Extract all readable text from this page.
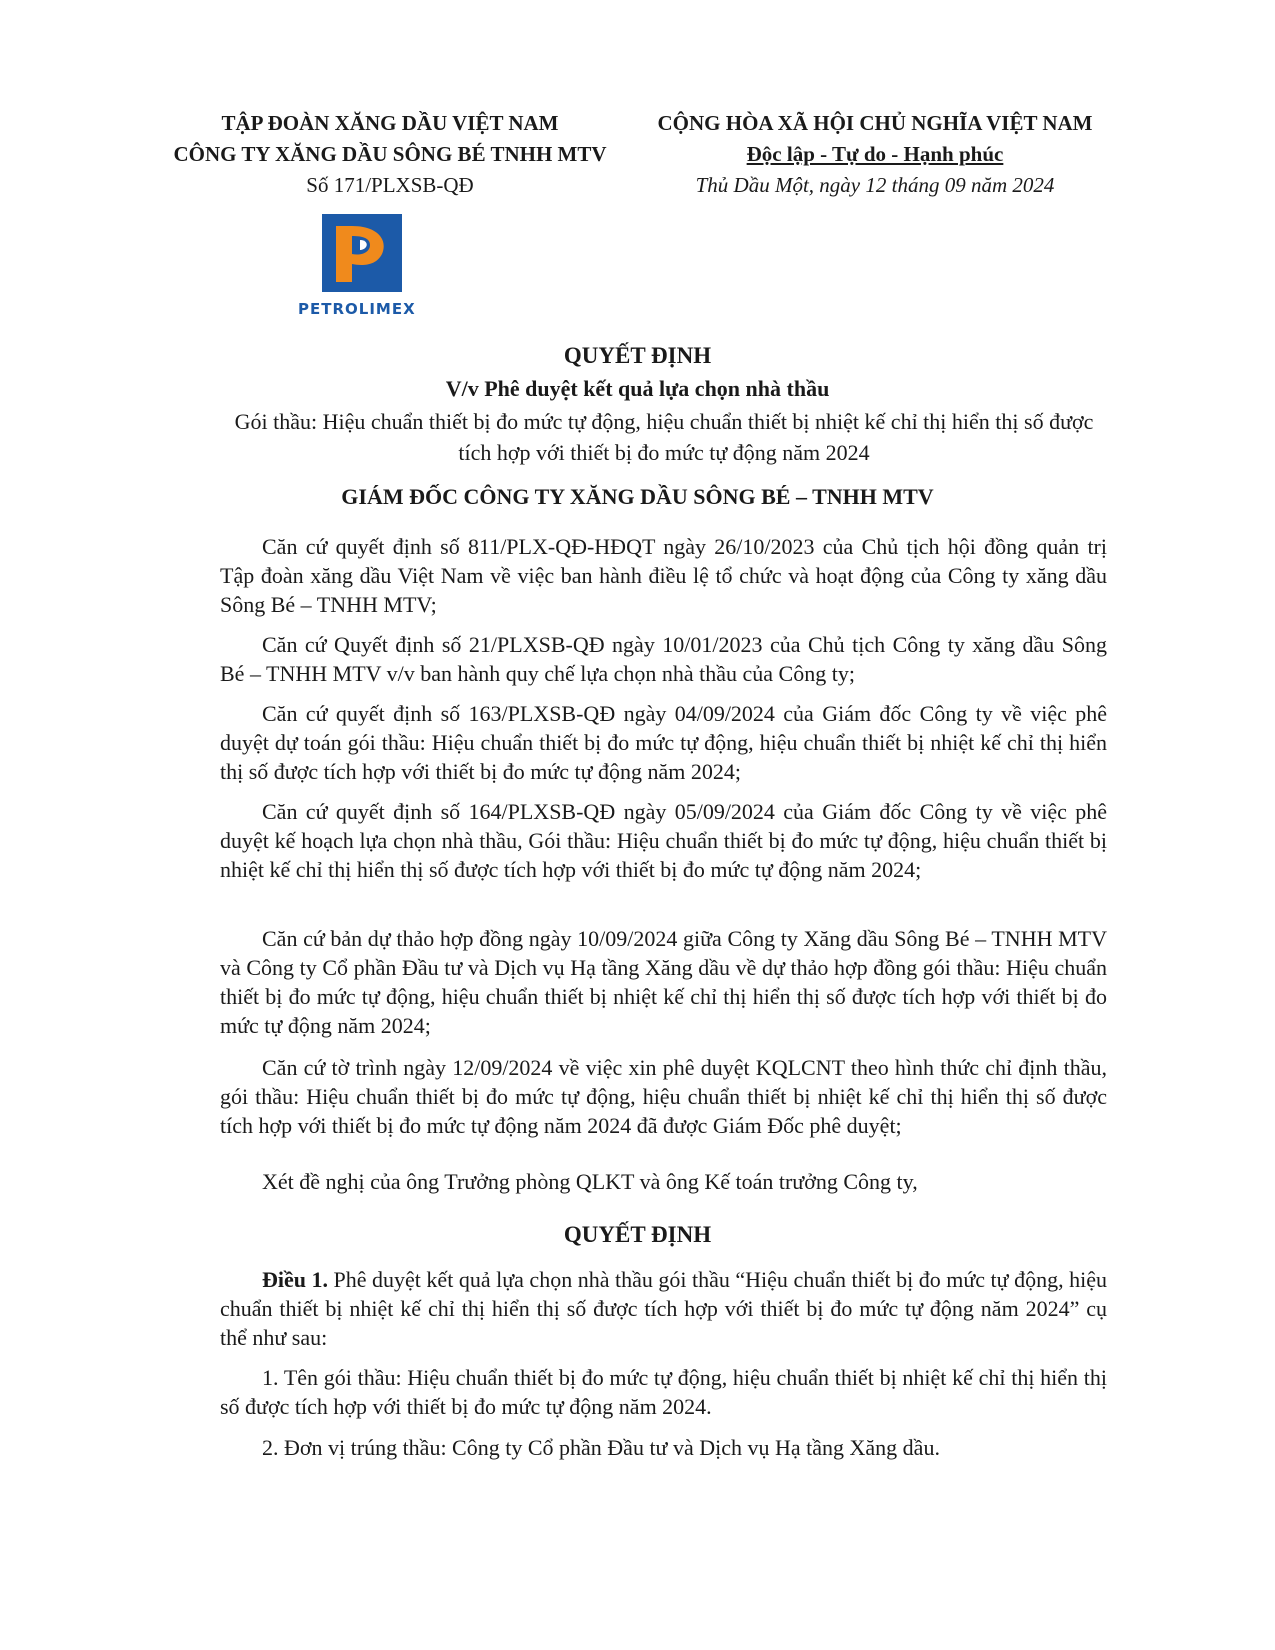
TẬP ĐOÀN XĂNG DẦU VIỆT NAM
CÔNG TY XĂNG DẦU SÔNG BÉ TNHH MTV
Số 171/PLXSB-QĐ
CỘNG HÒA XÃ HỘI CHỦ NGHĨA VIỆT NAM
Độc lập - Tự do - Hạnh phúc
Thủ Dầu Một, ngày 12 tháng 09 năm 2024
PETROLIMEX
QUYẾT ĐỊNH
V/v Phê duyệt kết quả lựa chọn nhà thầu
Gói thầu: Hiệu chuẩn thiết bị đo mức tự động, hiệu chuẩn thiết bị nhiệt kế chỉ thị hiển thị số được tích hợp với thiết bị đo mức tự động năm 2024
GIÁM ĐỐC CÔNG TY XĂNG DẦU SÔNG BÉ – TNHH MTV

Căn cứ quyết định số 811/PLX-QĐ-HĐQT ngày 26/10/2023 của Chủ tịch hội đồng quản trị Tập đoàn xăng dầu Việt Nam về việc ban hành điều lệ tổ chức và hoạt động của Công ty xăng dầu Sông Bé – TNHH MTV;

Căn cứ Quyết định số 21/PLXSB-QĐ ngày 10/01/2023 của Chủ tịch Công ty xăng dầu Sông Bé – TNHH MTV v/v ban hành quy chế lựa chọn nhà thầu của Công ty;

Căn cứ quyết định số 163/PLXSB-QĐ ngày 04/09/2024 của Giám đốc Công ty về việc phê duyệt dự toán gói thầu: Hiệu chuẩn thiết bị đo mức tự động, hiệu chuẩn thiết bị nhiệt kế chỉ thị hiển thị số được tích hợp với thiết bị đo mức tự động năm 2024;

Căn cứ quyết định số 164/PLXSB-QĐ ngày 05/09/2024 của Giám đốc Công ty về việc phê duyệt kế hoạch lựa chọn nhà thầu, Gói thầu: Hiệu chuẩn thiết bị đo mức tự động, hiệu chuẩn thiết bị nhiệt kế chỉ thị hiển thị số được tích hợp với thiết bị đo mức tự động năm 2024;

Căn cứ bản dự thảo hợp đồng ngày 10/09/2024 giữa Công ty Xăng dầu Sông Bé – TNHH MTV và Công ty Cổ phần Đầu tư và Dịch vụ Hạ tầng Xăng dầu về dự thảo hợp đồng gói thầu: Hiệu chuẩn thiết bị đo mức tự động, hiệu chuẩn thiết bị nhiệt kế chỉ thị hiển thị số được tích hợp với thiết bị đo mức tự động năm 2024;

Căn cứ tờ trình ngày 12/09/2024 về việc xin phê duyệt KQLCNT theo hình thức chỉ định thầu, gói thầu: Hiệu chuẩn thiết bị đo mức tự động, hiệu chuẩn thiết bị nhiệt kế chỉ thị hiển thị số được tích hợp với thiết bị đo mức tự động năm 2024 đã được Giám Đốc phê duyệt;

Xét đề nghị của ông Trưởng phòng QLKT và ông Kế toán trưởng Công ty,

QUYẾT ĐỊNH

Điều 1. Phê duyệt kết quả lựa chọn nhà thầu gói thầu “Hiệu chuẩn thiết bị đo mức tự động, hiệu chuẩn thiết bị nhiệt kế chỉ thị hiển thị số được tích hợp với thiết bị đo mức tự động năm 2024” cụ thể như sau:

1. Tên gói thầu: Hiệu chuẩn thiết bị đo mức tự động, hiệu chuẩn thiết bị nhiệt kế chỉ thị hiển thị số được tích hợp với thiết bị đo mức tự động năm 2024.

2. Đơn vị trúng thầu: Công ty Cổ phần Đầu tư và Dịch vụ Hạ tầng Xăng dầu.
